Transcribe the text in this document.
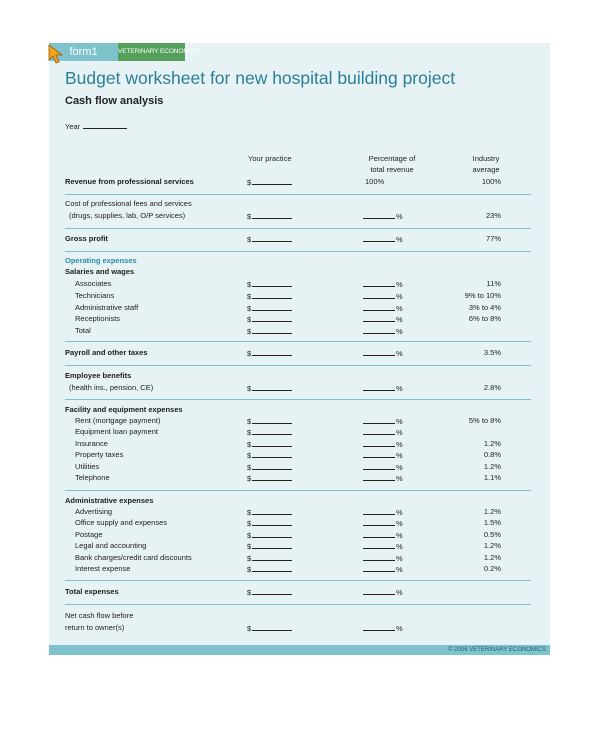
form1	VETERINARY ECONOMICS
Budget worksheet for new hospital building project
Cash flow analysis
Year
Your practice	Percentage of
total revenue
Industry
average
Revenue from professional services	$	100%	100%
Cost of professional fees and services
(drugs, supplies, lab, O/P services)	$	%	23%
Gross profit	$	%	77%
Operating expenses
Salaries and wages
Associates	$	%	11%
Technicians	$	%	9% to 10%
Administrative staff	$	%	3% to 4%
Receptionists	$	%	6% to 8%
Total	$	%
Payroll and other taxes	$	%	3.5%
Employee benefits
(health ins., pension, CE)	$	%	2.8%
Facility and equipment expenses
Rent (mortgage payment)	$	%	5% to 8%
Equipment loan payment	$	%
Insurance	$	%	1.2%
Property taxes	$	%	0.8%
Utilities	$	%	1.2%
Telephone	$	%	1.1%
Administrative expenses
Advertising	$	%	1.2%
Office supply and expenses	$	%	1.5%
Postage	$	%	0.5%
Legal and accounting	$	%	1.2%
Bank charges/credit card discounts	$	%	1.2%
Interest expense	$	%	0.2%
Total expenses	$	%
Net cash flow before
return to owner(s)	$	%
© 2006 VETERINARY ECONOMICS
